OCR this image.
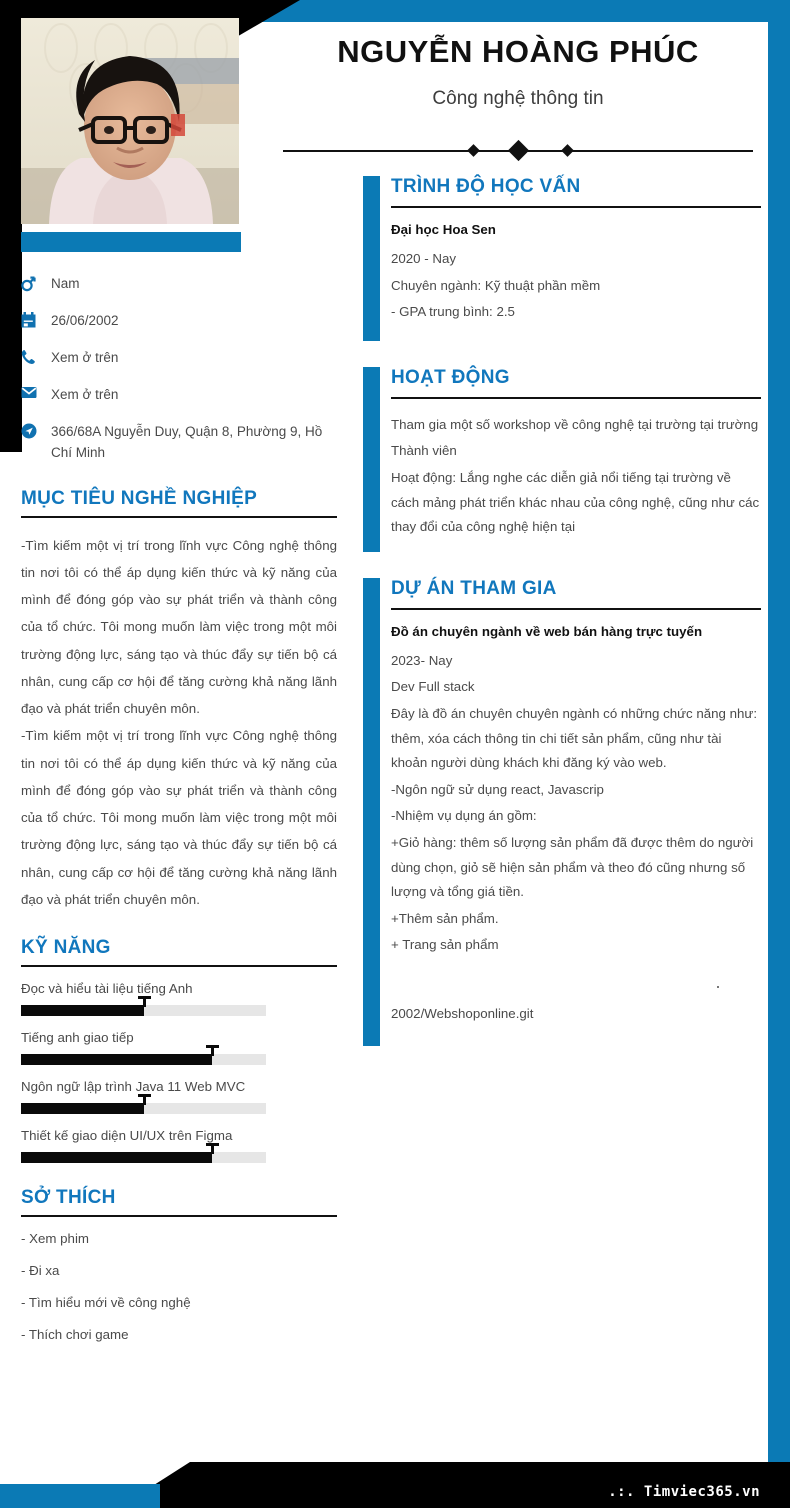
NGUYỄN HOÀNG PHÚC
Công nghệ thông tin
Nam
26/06/2002
Xem ở trên
Xem ở trên
366/68A Nguyễn Duy, Quận 8, Phường 9, Hồ Chí Minh
MỤC TIÊU NGHỀ NGHIỆP

-Tìm kiếm một vị trí trong lĩnh vực Công nghệ thông tin nơi tôi có thể áp dụng kiến thức và kỹ năng của mình để đóng góp vào sự phát triển và thành công của tổ chức. Tôi mong muốn làm việc trong một môi trường động lực, sáng tạo và thúc đẩy sự tiến bộ cá nhân, cung cấp cơ hội để tăng cường khả năng lãnh đạo và phát triển chuyên môn.

-Tìm kiếm một vị trí trong lĩnh vực Công nghệ thông tin nơi tôi có thể áp dụng kiến thức và kỹ năng của mình để đóng góp vào sự phát triển và thành công của tổ chức. Tôi mong muốn làm việc trong một môi trường động lực, sáng tạo và thúc đẩy sự tiến bộ cá nhân, cung cấp cơ hội để tăng cường khả năng lãnh đạo và phát triển chuyên môn.

KỸ NĂNG
Đọc và hiểu tài liệu tiếng Anh
Tiếng anh giao tiếp
Ngôn ngữ lập trình Java 11 Web MVC
Thiết kế giao diện UI/UX trên Figma
SỞ THÍCH
- Xem phim
- Đi xa
- Tìm hiểu mới về công nghệ
- Thích chơi game
TRÌNH ĐỘ HỌC VẤN
Đại học Hoa Sen
2020 - Nay
Chuyên ngành: Kỹ thuật phần mềm
- GPA trung bình: 2.5
HOẠT ĐỘNG
Tham gia một số workshop về công nghệ tại trường tại trường
Thành viên
Hoạt động: Lắng nghe các diễn giả nổi tiếng tại trường về cách mảng phát triển khác nhau của công nghệ, cũng như các thay đổi của công nghệ hiện tại
DỰ ÁN THAM GIA
Đồ án chuyên ngành về web bán hàng trực tuyến
2023- Nay
Dev Full stack
Đây là đồ án chuyên chuyên ngành có những chức năng như: thêm, xóa cách thông tin chi tiết sản phẩm, cũng như tài khoản người dùng khách khi đăng ký vào web.
-Ngôn ngữ sử dụng react, Javascrip
-Nhiệm vụ dụng án gồm:
+Giỏ hàng: thêm số lượng sản phẩm đã được thêm do người dùng chọn, giỏ sẽ hiện sản phẩm và theo đó cũng nhưng số lượng và tổng giá tiền.
+Thêm sản phẩm.
+ Trang sản phẩm
2002/Webshoponline.git
.:. Timviec365.vn
